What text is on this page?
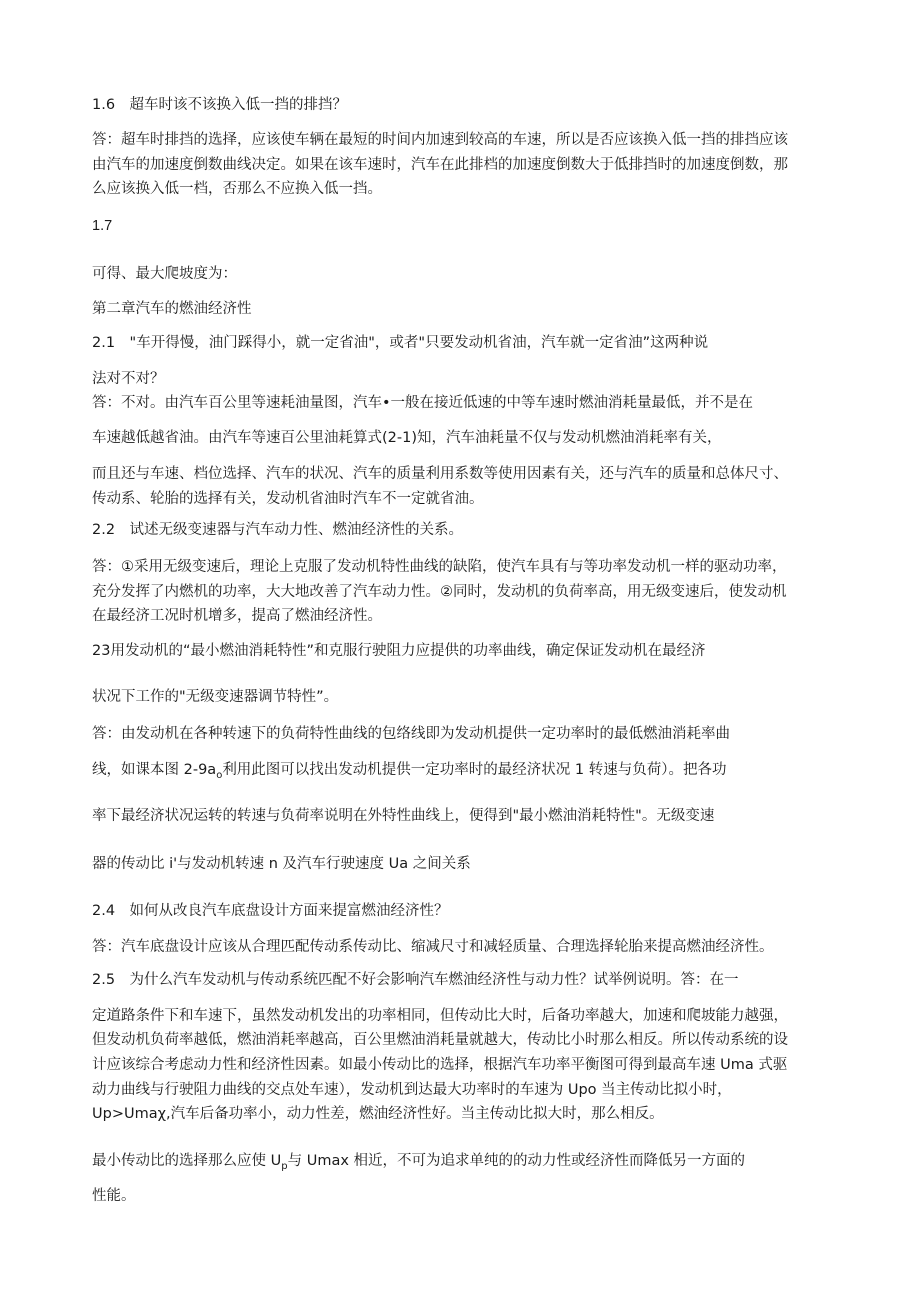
1.6　超车时该不该换入低一挡的排挡？
答：超车时排挡的选择，应该使车辆在最短的时间内加速到较高的车速，所以是否应该换入低一挡的排挡应该
由汽车的加速度倒数曲线决定。如果在该车速时，汽车在此排档的加速度倒数大于低排挡时的加速度倒数，那
么应该换入低一档，否那么不应换入低一挡。
1.7
可得、最大爬坡度为：
第二章汽车的燃油经济性
2.1　"车开得慢，油门踩得小，就一定省油"，或者"只要发动机省油，汽车就一定省油”这两种说
法对不对？
答：不对。由汽车百公里等速耗油量图，汽车•一般在接近低速的中等车速时燃油消耗量最低，并不是在
车速越低越省油。由汽车等速百公里油耗算式(2-1)知，汽车油耗量不仅与发动机燃油消耗率有关，
而且还与车速、档位选择、汽车的状况、汽车的质量利用系数等使用因素有关，还与汽车的质量和总体尺寸、
传动系、轮胎的选择有关，发动机省油时汽车不一定就省油。
2.2　试述无级变速器与汽车动力性、燃油经济性的关系。
答：①采用无级变速后，理论上克服了发动机特性曲线的缺陷，使汽车具有与等功率发动机一样的驱动功率，
充分发挥了内燃机的功率，大大地改善了汽车动力性。②同时，发动机的负荷率高，用无级变速后，使发动机
在最经济工况时机增多，提高了燃油经济性。
23用发动机的“最小燃油消耗特性”和克服行驶阻力应提供的功率曲线，确定保证发动机在最经济
状况下工作的"无级变速器调节特性”。
答：由发动机在各种转速下的负荷特性曲线的包络线即为发动机提供一定功率时的最低燃油消耗率曲
线，如课本图 $2-9a_o$利用此图可以找出发动机提供一定功率时的最经济状况 1 转速与负荷）。把各功
率下最经济状况运转的转速与负荷率说明在外特性曲线上，便得到"最小燃油消耗特性"。无级变速
器的传动比 i'与发动机转速 n 及汽车行驶速度 Ua 之间关系
2.4　如何从改良汽车底盘设计方面来提富燃油经济性？
答：汽车底盘设计应该从合理匹配传动系传动比、缩减尺寸和减轻质量、合理选择轮胎来提高燃油经济性。
2.5　为什么汽车发动机与传动系统匹配不好会影响汽车燃油经济性与动力性？试举例说明。答：在一
定道路条件下和车速下，虽然发动机发出的功率相同，但传动比大时，后备功率越大，加速和爬坡能力越强，
但发动机负荷率越低，燃油消耗率越高，百公里燃油消耗量就越大，传动比小时那么相反。所以传动系统的设
计应该综合考虑动力性和经济性因素。如最小传动比的选择，根据汽车功率平衡图可得到最高车速 Uma 式驱
动力曲线与行驶阻力曲线的交点处车速），发动机到达最大功率时的车速为 Upo 当主传动比拟小时，
Up>Umaχ,汽车后备功率小，动力性差，燃油经济性好。当主传动比拟大时，那么相反。
最小传动比的选择那么应使 $U_p$与 Umax 相近，不可为追求单纯的的动力性或经济性而降低另一方面的
性能。
